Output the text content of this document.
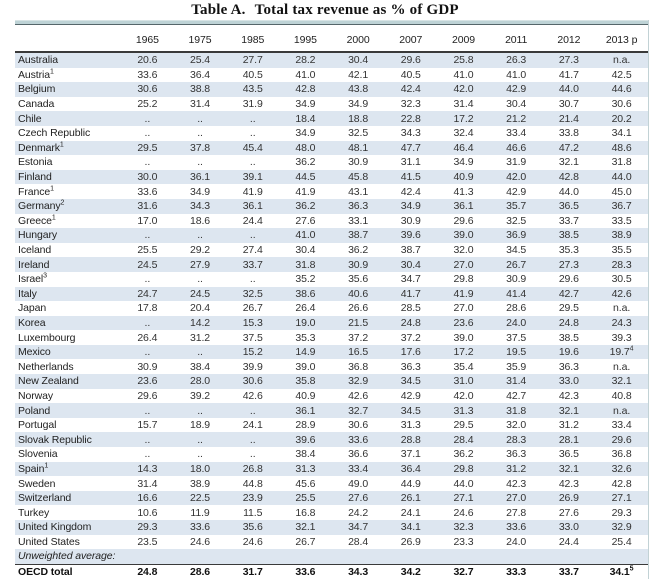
Table A. Total tax revenue as % of GDP
	1965	1975	1985	1995	2000	2007	2009	2011	2012	2013 p
Australia	20.6	25.4	27.7	28.2	30.4	29.6	25.8	26.3	27.3	n.a.
Austria$^1$	33.6	36.4	40.5	41.0	42.1	40.5	41.0	41.0	41.7	42.5
Belgium	30.6	38.8	43.5	42.8	43.8	42.4	42.0	42.9	44.0	44.6
Canada	25.2	31.4	31.9	34.9	34.9	32.3	31.4	30.4	30.7	30.6
Chile	..	..	..	18.4	18.8	22.8	17.2	21.2	21.4	20.2
Czech Republic	..	..	..	34.9	32.5	34.3	32.4	33.4	33.8	34.1
Denmark$^1$	29.5	37.8	45.4	48.0	48.1	47.7	46.4	46.6	47.2	48.6
Estonia	..	..	..	36.2	30.9	31.1	34.9	31.9	32.1	31.8
Finland	30.0	36.1	39.1	44.5	45.8	41.5	40.9	42.0	42.8	44.0
France$^1$	33.6	34.9	41.9	41.9	43.1	42.4	41.3	42.9	44.0	45.0
Germany$^2$	31.6	34.3	36.1	36.2	36.3	34.9	36.1	35.7	36.5	36.7
Greece$^1$	17.0	18.6	24.4	27.6	33.1	30.9	29.6	32.5	33.7	33.5
Hungary	..	..	..	41.0	38.7	39.6	39.0	36.9	38.5	38.9
Iceland	25.5	29.2	27.4	30.4	36.2	38.7	32.0	34.5	35.3	35.5
Ireland	24.5	27.9	33.7	31.8	30.9	30.4	27.0	26.7	27.3	28.3
Israel$^3$	..	..	..	35.2	35.6	34.7	29.8	30.9	29.6	30.5
Italy	24.7	24.5	32.5	38.6	40.6	41.7	41.9	41.4	42.7	42.6
Japan	17.8	20.4	26.7	26.4	26.6	28.5	27.0	28.6	29.5	n.a.
Korea	..	14.2	15.3	19.0	21.5	24.8	23.6	24.0	24.8	24.3
Luxembourg	26.4	31.2	37.5	35.3	37.2	37.2	39.0	37.5	38.5	39.3
Mexico	..	..	15.2	14.9	16.5	17.6	17.2	19.5	19.6	19.7$^4$
Netherlands	30.9	38.4	39.9	39.0	36.8	36.3	35.4	35.9	36.3	n.a.
New Zealand	23.6	28.0	30.6	35.8	32.9	34.5	31.0	31.4	33.0	32.1
Norway	29.6	39.2	42.6	40.9	42.6	42.9	42.0	42.7	42.3	40.8
Poland	..	..	..	36.1	32.7	34.5	31.3	31.8	32.1	n.a.
Portugal	15.7	18.9	24.1	28.9	30.6	31.3	29.5	32.0	31.2	33.4
Slovak Republic	..	..	..	39.6	33.6	28.8	28.4	28.3	28.1	29.6
Slovenia	..	..	..	38.4	36.6	37.1	36.2	36.3	36.5	36.8
Spain$^1$	14.3	18.0	26.8	31.3	33.4	36.4	29.8	31.2	32.1	32.6
Sweden	31.4	38.9	44.8	45.6	49.0	44.9	44.0	42.3	42.3	42.8
Switzerland	16.6	22.5	23.9	25.5	27.6	26.1	27.1	27.0	26.9	27.1
Turkey	10.6	11.9	11.5	16.8	24.2	24.1	24.6	27.8	27.6	29.3
United Kingdom	29.3	33.6	35.6	32.1	34.7	34.1	32.3	33.6	33.0	32.9
United States	23.5	24.6	24.6	26.7	28.4	26.9	23.3	24.0	24.4	25.4
Unweighted average:										
OECD total	24.8	28.6	31.7	33.6	34.3	34.2	32.7	33.3	33.7	34.1$^5$
